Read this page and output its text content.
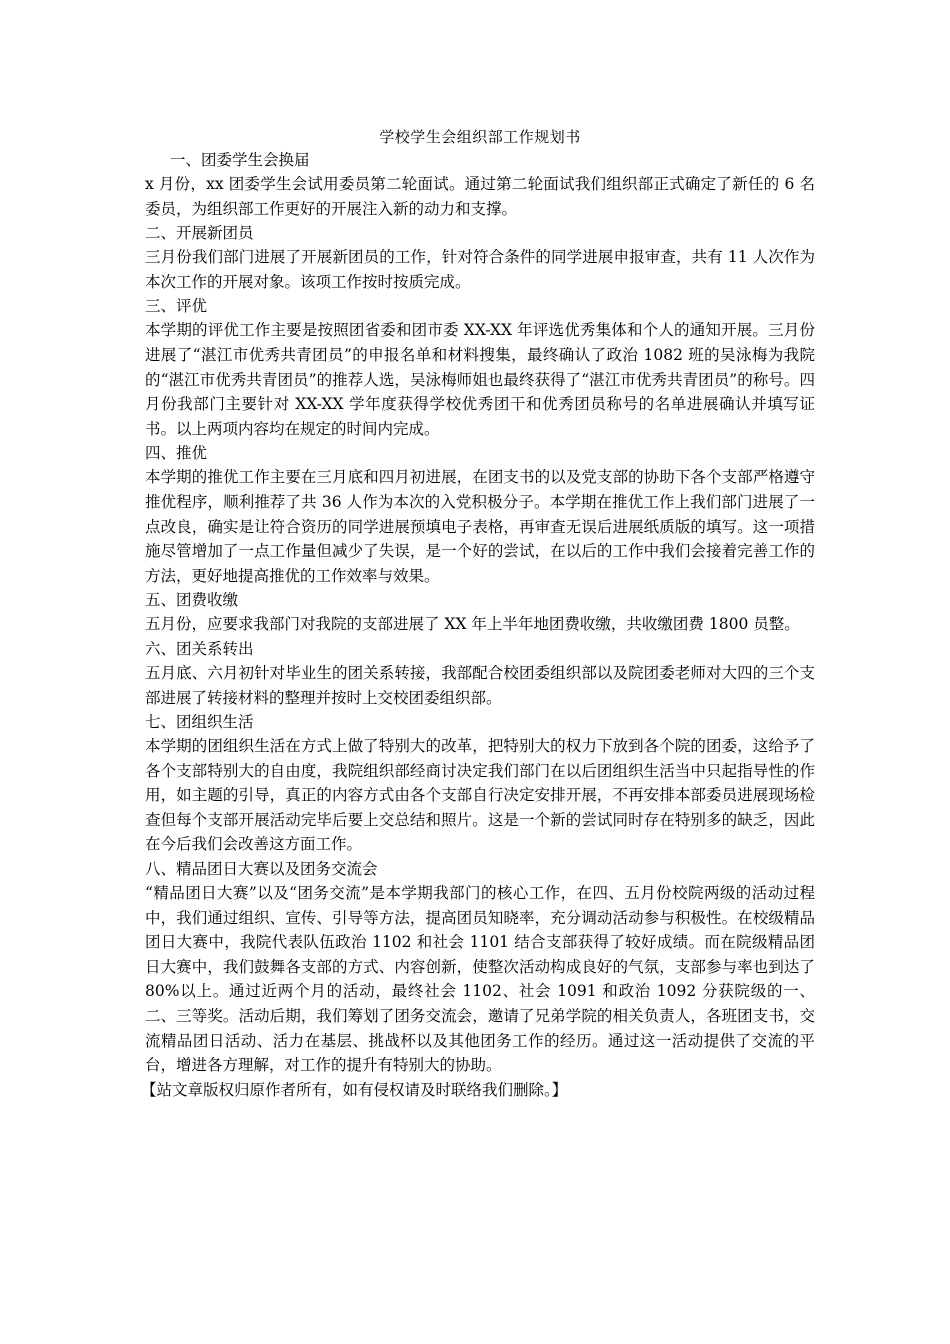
学校学生会组织部工作规划书

一、团委学生会换届

x 月份，xx 团委学生会试用委员第二轮面试。通过第二轮面试我们组织部正式确定了新任的 6 名委员，为组织部工作更好的开展注入新的动力和支撑。

二、开展新团员

三月份我们部门进展了开展新团员的工作，针对符合条件的同学进展申报审查，共有 11 人次作为本次工作的开展对象。该项工作按时按质完成。

三、评优

本学期的评优工作主要是按照团省委和团市委 XX-XX 年评选优秀集体和个人的通知开展。三月份进展了“湛江市优秀共青团员”的申报名单和材料搜集，最终确认了政治 1082 班的吴泳梅为我院的“湛江市优秀共青团员”的推荐人选，吴泳梅师姐也最终获得了“湛江市优秀共青团员”的称号。四月份我部门主要针对 XX-XX 学年度获得学校优秀团干和优秀团员称号的名单进展确认并填写证书。以上两项内容均在规定的时间内完成。

四、推优

本学期的推优工作主要在三月底和四月初进展，在团支书的以及党支部的协助下各个支部严格遵守推优程序，顺利推荐了共 36 人作为本次的入党积极分子。本学期在推优工作上我们部门进展了一点改良，确实是让符合资历的同学进展预填电子表格，再审查无误后进展纸质版的填写。这一项措施尽管增加了一点工作量但减少了失误，是一个好的尝试，在以后的工作中我们会接着完善工作的方法，更好地提高推优的工作效率与效果。

五、团费收缴

五月份，应要求我部门对我院的支部进展了 XX 年上半年地团费收缴，共收缴团费 1800 员整。

六、团关系转出

五月底、六月初针对毕业生的团关系转接，我部配合校团委组织部以及院团委老师对大四的三个支部进展了转接材料的整理并按时上交校团委组织部。

七、团组织生活

本学期的团组织生活在方式上做了特别大的改革，把特别大的权力下放到各个院的团委，这给予了各个支部特别大的自由度，我院组织部经商讨决定我们部门在以后团组织生活当中只起指导性的作用，如主题的引导，真正的内容方式由各个支部自行决定安排开展，不再安排本部委员进展现场检查但每个支部开展活动完毕后要上交总结和照片。这是一个新的尝试同时存在特别多的缺乏，因此在今后我们会改善这方面工作。

八、精品团日大赛以及团务交流会

“精品团日大赛”以及“团务交流”是本学期我部门的核心工作，在四、五月份校院两级的活动过程中，我们通过组织、宣传、引导等方法，提高团员知晓率，充分调动活动参与积极性。在校级精品团日大赛中，我院代表队伍政治 1102 和社会 1101 结合支部获得了较好成绩。而在院级精品团日大赛中，我们鼓舞各支部的方式、内容创新，使整次活动构成良好的气氛，支部参与率也到达了 80%以上。通过近两个月的活动，最终社会 1102、社会 1091 和政治 1092 分获院级的一、二、三等奖。活动后期，我们筹划了团务交流会，邀请了兄弟学院的相关负责人，各班团支书，交流精品团日活动、活力在基层、挑战杯以及其他团务工作的经历。通过这一活动提供了交流的平台，增进各方理解，对工作的提升有特别大的协助。

【站文章版权归原作者所有，如有侵权请及时联络我们删除。】
